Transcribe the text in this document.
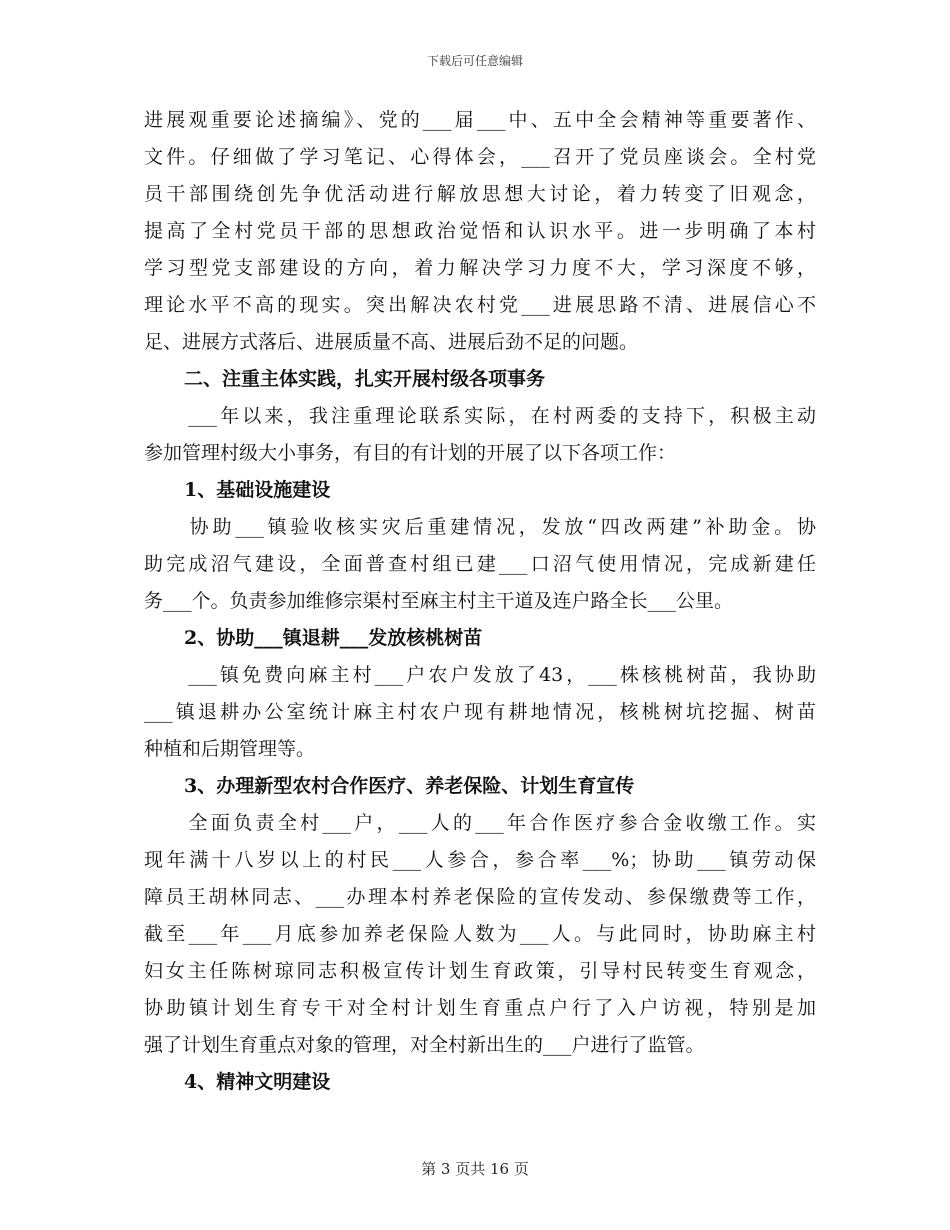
下载后可任意编辑
进展观重要论述摘编》、党的___届___中、五中全会精神等重要著作、
文件。仔细做了学习笔记、心得体会，___召开了党员座谈会。全村党
员干部围绕创先争优活动进行解放思想大讨论，着力转变了旧观念，
提高了全村党员干部的思想政治觉悟和认识水平。进一步明确了本村
学习型党支部建设的方向，着力解决学习力度不大，学习深度不够，
理论水平不高的现实。突出解决农村党___进展思路不清、进展信心不
足、进展方式落后、进展质量不高、进展后劲不足的问题。
二、注重主体实践，扎实开展村级各项事务
　　___年以来，我注重理论联系实际，在村两委的支持下，积极主动
参加管理村级大小事务，有目的有计划的开展了以下各项工作：
1、基础设施建设
　　协助___镇验收核实灾后重建情况，发放“四改两建”补助金。协
助完成沼气建设，全面普查村组已建___口沼气使用情况，完成新建任
务___个。负责参加维修宗渠村至麻主村主干道及连户路全长___公里。
2、协助___镇退耕___发放核桃树苗
　　___镇免费向麻主村___户农户发放了43，___株核桃树苗，我协助
___镇退耕办公室统计麻主村农户现有耕地情况，核桃树坑挖掘、树苗
种植和后期管理等。
3、办理新型农村合作医疗、养老保险、计划生育宣传
　　全面负责全村___户，___人的___年合作医疗参合金收缴工作。实
现年满十八岁以上的村民___人参合，参合率___%；协助___镇劳动保
障员王胡林同志、___办理本村养老保险的宣传发动、参保缴费等工作，
截至___年___月底参加养老保险人数为___人。与此同时，协助麻主村
妇女主任陈树琼同志积极宣传计划生育政策，引导村民转变生育观念，
协助镇计划生育专干对全村计划生育重点户行了入户访视，特别是加
强了计划生育重点对象的管理，对全村新出生的___户进行了监管。
4、精神文明建设
第 3 页共 16 页
